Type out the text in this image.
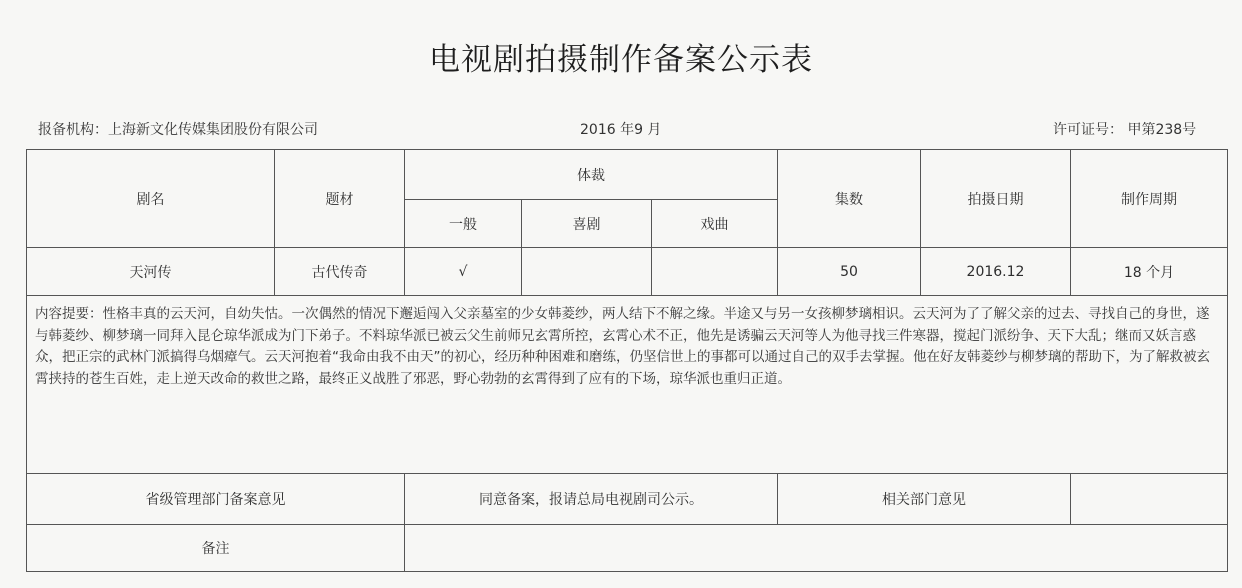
电视剧拍摄制作备案公示表
报备机构：上海新文化传媒集团股份有限公司	2016 年9 月	许可证号： 甲第238号
剧名	题材	体裁			集数	拍摄日期	制作周期
		一般	喜剧	戏曲			
天河传	古代传奇	√			50	2016.12	18 个月
内容提要：性格丰真的云天河，自幼失怙。一次偶然的情况下邂逅闯入父亲墓室的少女韩菱纱，两人结下不解之缘。半途又与另一女孩柳梦璃相识。云天河为了了解父亲的过去、寻找自己的身世，遂与韩菱纱、柳梦璃一同拜入昆仑琼华派成为门下弟子。不料琼华派已被云父生前师兄玄霄所控，玄霄心术不正，他先是诱骗云天河等人为他寻找三件寒器，搅起门派纷争、天下大乱；继而又妖言惑众，把正宗的武林门派搞得乌烟瘴气。云天河抱着“我命由我不由天”的初心，经历种种困难和磨练，仍坚信世上的事都可以通过自己的双手去掌握。他在好友韩菱纱与柳梦璃的帮助下，为了解救被玄霄挟持的苍生百姓，走上逆天改命的救世之路，最终正义战胜了邪恶，野心勃勃的玄霄得到了应有的下场，琼华派也重归正道。							
省级管理部门备案意见		同意备案，报请总局电视剧司公示。			相关部门意见		
备注							
